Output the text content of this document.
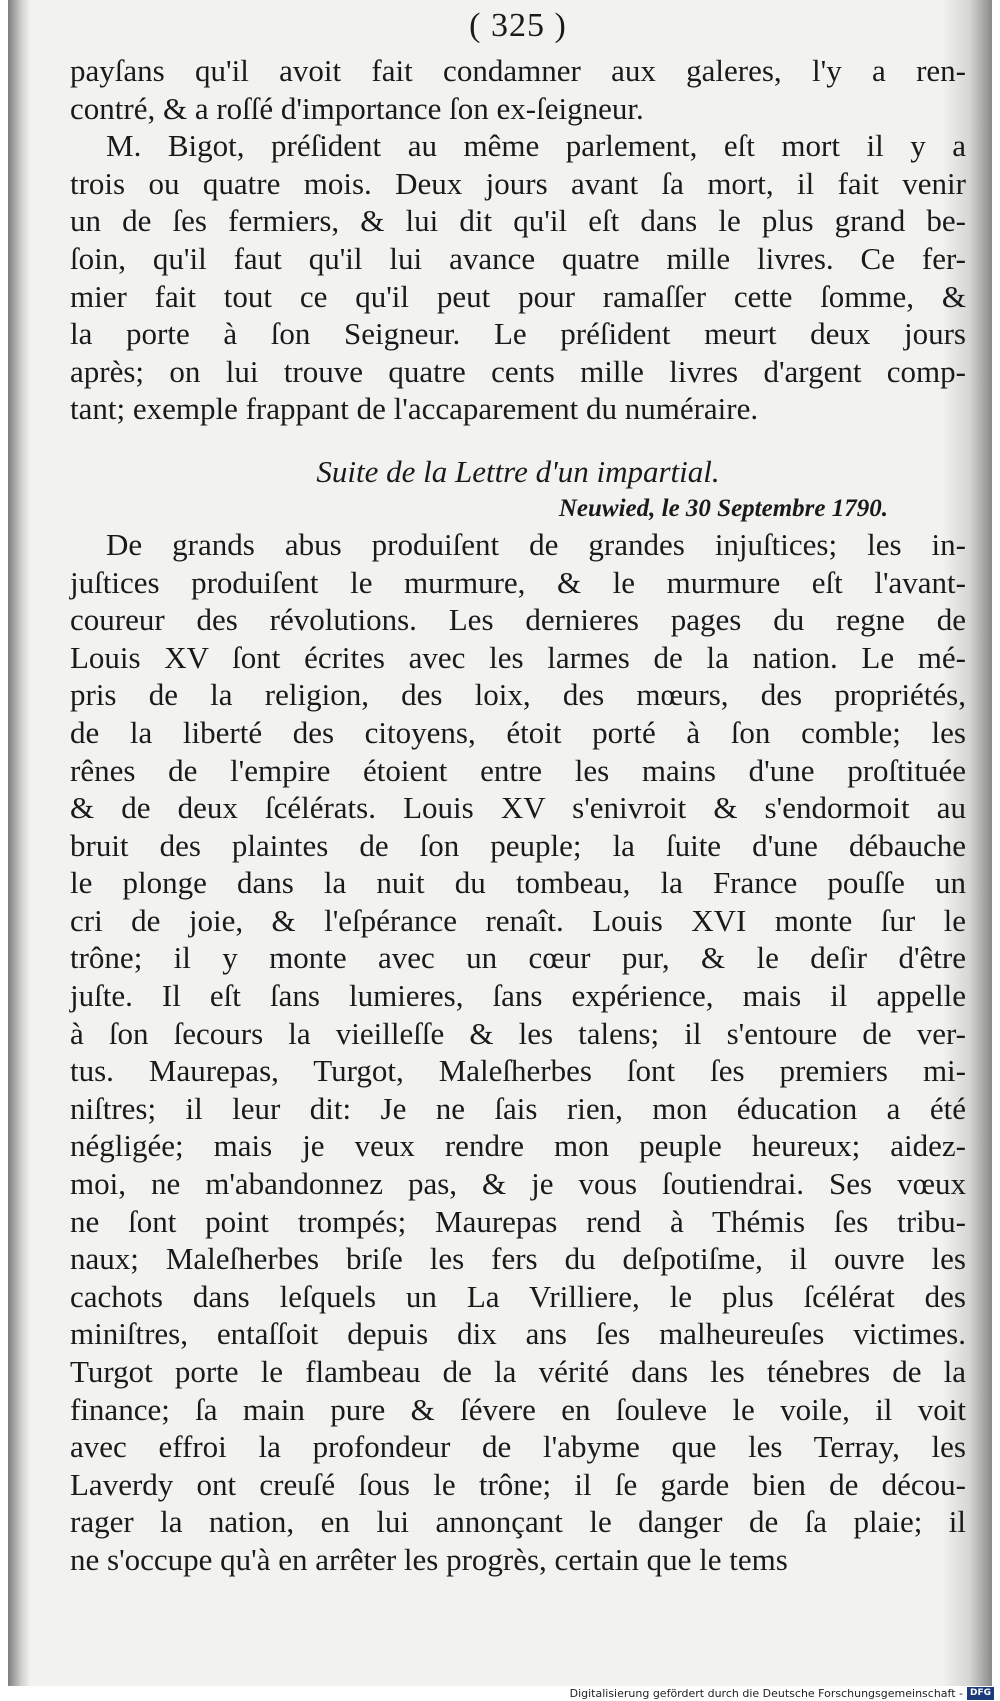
( 325 )
payſans qu'il avoit fait condamner aux galeres, l'y a ren-
contré, & a roſſé d'importance ſon ex-ſeigneur.
M. Bigot, préſident au même parlement, eſt mort il y a
trois ou quatre mois. Deux jours avant ſa mort, il fait venir
un de ſes fermiers, & lui dit qu'il eſt dans le plus grand be-
ſoin, qu'il faut qu'il lui avance quatre mille livres. Ce fer-
mier fait tout ce qu'il peut pour ramaſſer cette ſomme, &
la porte à ſon Seigneur. Le préſident meurt deux jours
après; on lui trouve quatre cents mille livres d'argent comp-
tant; exemple frappant de l'accaparement du numéraire.
Suite de la Lettre d'un impartial.
Neuwied, le 30 Septembre 1790.
De grands abus produiſent de grandes injuſtices; les in-
juſtices produiſent le murmure, & le murmure eſt l'avant-
coureur des révolutions. Les dernieres pages du regne de
Louis XV ſont écrites avec les larmes de la nation. Le mé-
pris de la religion, des loix, des mœurs, des propriétés,
de la liberté des citoyens, étoit porté à ſon comble; les
rênes de l'empire étoient entre les mains d'une proſtituée
& de deux ſcélérats. Louis XV s'enivroit & s'endormoit au
bruit des plaintes de ſon peuple; la ſuite d'une débauche
le plonge dans la nuit du tombeau, la France pouſſe un
cri de joie, & l'eſpérance renaît. Louis XVI monte ſur le
trône; il y monte avec un cœur pur, & le deſir d'être
juſte. Il eſt ſans lumieres, ſans expérience, mais il appelle
à ſon ſecours la vieilleſſe & les talens; il s'entoure de ver-
tus. Maurepas, Turgot, Maleſherbes ſont ſes premiers mi-
niſtres; il leur dit: Je ne ſais rien, mon éducation a été
négligée; mais je veux rendre mon peuple heureux; aidez-
moi, ne m'abandonnez pas, & je vous ſoutiendrai. Ses vœux
ne ſont point trompés; Maurepas rend à Thémis ſes tribu-
naux; Maleſherbes briſe les fers du deſpotiſme, il ouvre les
cachots dans leſquels un La Vrilliere, le plus ſcélérat des
miniſtres, entaſſoit depuis dix ans ſes malheureuſes victimes.
Turgot porte le flambeau de la vérité dans les ténebres de la
finance; ſa main pure & ſévere en ſouleve le voile, il voit
avec effroi la profondeur de l'abyme que les Terray, les
Laverdy ont creuſé ſous le trône; il ſe garde bien de décou-
rager la nation, en lui annonçant le danger de ſa plaie; il
ne s'occupe qu'à en arrêter les progrès, certain que le tems
Digitalisierung gefördert durch die Deutsche Forschungsgemeinschaft - DFG
